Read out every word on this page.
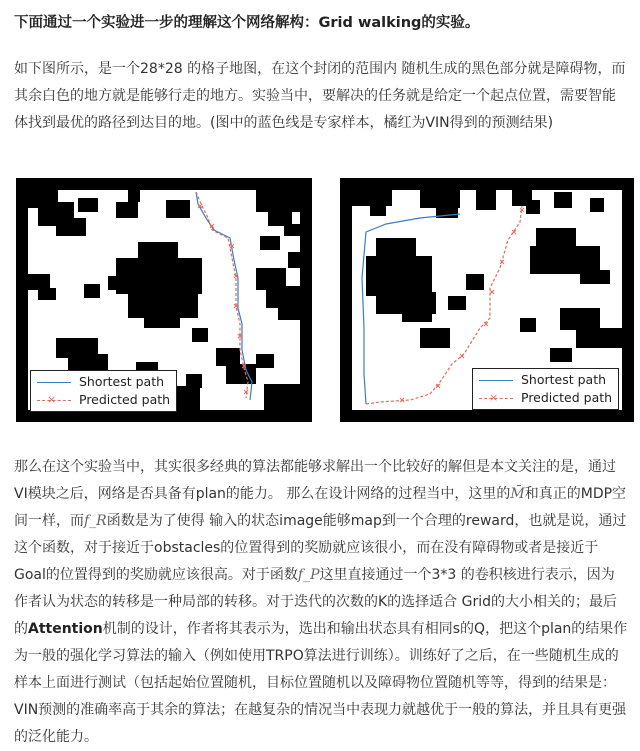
下面通过一个实验进一步的理解这个网络解构：Grid walking的实验。
如下图所示，是一个28*28 的格子地图，在这个封闭的范围内 随机生成的黑色部分就是障碍物，而其余白色的地方就是能够行走的地方。实验当中，要解决的任务就是给定一个起点位置，需要智能体找到最优的路径到达目的地。(图中的蓝色线是专家样本，橘红为VIN得到的预测结果)
Shortest path
×
Predicted path
Shortest path
×
Predicted path
那么在这个实验当中，其实很多经典的算法都能够求解出一个比较好的解但是本文关注的是，通过VI模块之后，网络是否具备有plan的能力。 那么在设计网络的过程当中，这里的M̄和真正的MDP空间一样，而f_R函数是为了使得 输入的状态image能够map到一个合理的reward，也就是说，通过这个函数，对于接近于obstacles的位置得到的奖励就应该很小，而在没有障碍物或者是接近于Goal的位置得到的奖励就应该很高。对于函数f_P这里直接通过一个3*3 的卷积核进行表示，因为作者认为状态的转移是一种局部的转移。对于迭代的次数的K的选择适合 Grid的大小相关的；最后的Attention机制的设计，作者将其表示为，选出和输出状态具有相同s的Q，把这个plan的结果作为一般的强化学习算法的输入（例如使用TRPO算法进行训练）。训练好了之后，在一些随机生成的样本上面进行测试（包括起始位置随机，目标位置随机以及障碍物位置随机等等，得到的结果是：VIN预测的准确率高于其余的算法；在越复杂的情况当中表现力就越优于一般的算法，并且具有更强的泛化能力。
